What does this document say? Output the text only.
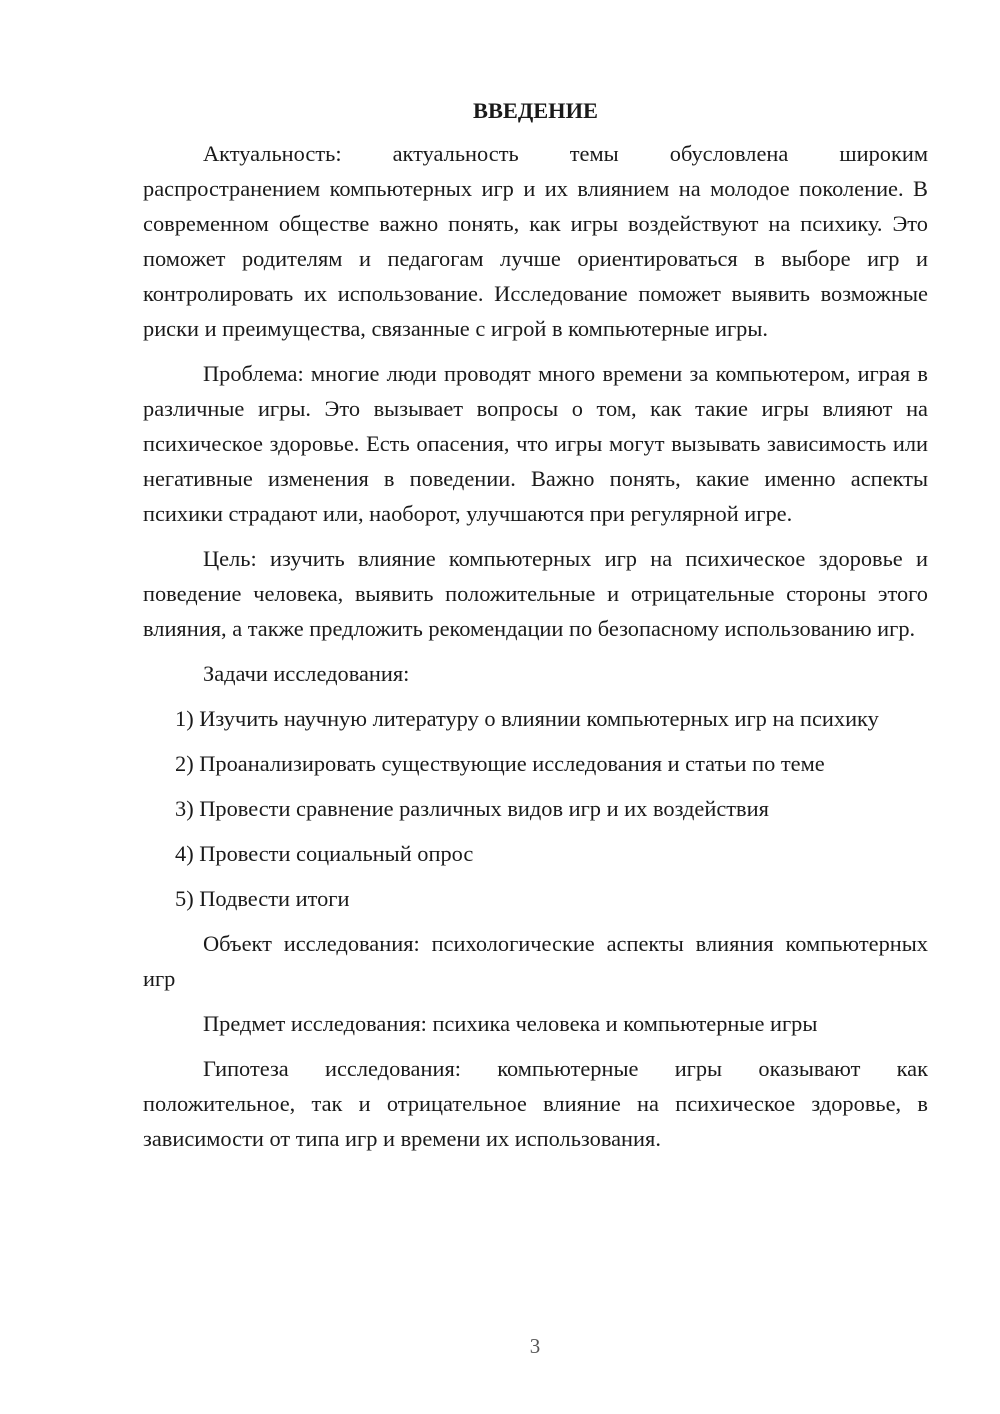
ВВЕДЕНИЕ

Актуальность: актуальность темы обусловлена широким распространением компьютерных игр и их влиянием на молодое поколение. В современном обществе важно понять, как игры воздействуют на психику. Это поможет родителям и педагогам лучше ориентироваться в выборе игр и контролировать их использование. Исследование поможет выявить возможные риски и преимущества, связанные с игрой в компьютерные игры.

Проблема: многие люди проводят много времени за компьютером, играя в различные игры. Это вызывает вопросы о том, как такие игры влияют на психическое здоровье. Есть опасения, что игры могут вызывать зависимость или негативные изменения в поведении. Важно понять, какие именно аспекты психики страдают или, наоборот, улучшаются при регулярной игре.

Цель: изучить влияние компьютерных игр на психическое здоровье и поведение человека, выявить положительные и отрицательные стороны этого влияния, а также предложить рекомендации по безопасному использованию игр.

Задачи исследования:

1) Изучить научную литературу о влиянии компьютерных игр на психику

2) Проанализировать существующие исследования и статьи по теме

3) Провести сравнение различных видов игр и их воздействия

4) Провести социальный опрос

5) Подвести итоги

Объект исследования: психологические аспекты влияния компьютерных игр

Предмет исследования: психика человека и компьютерные игры

Гипотеза исследования: компьютерные игры оказывают как положительное, так и отрицательное влияние на психическое здоровье, в зависимости от типа игр и времени их использования.

3
